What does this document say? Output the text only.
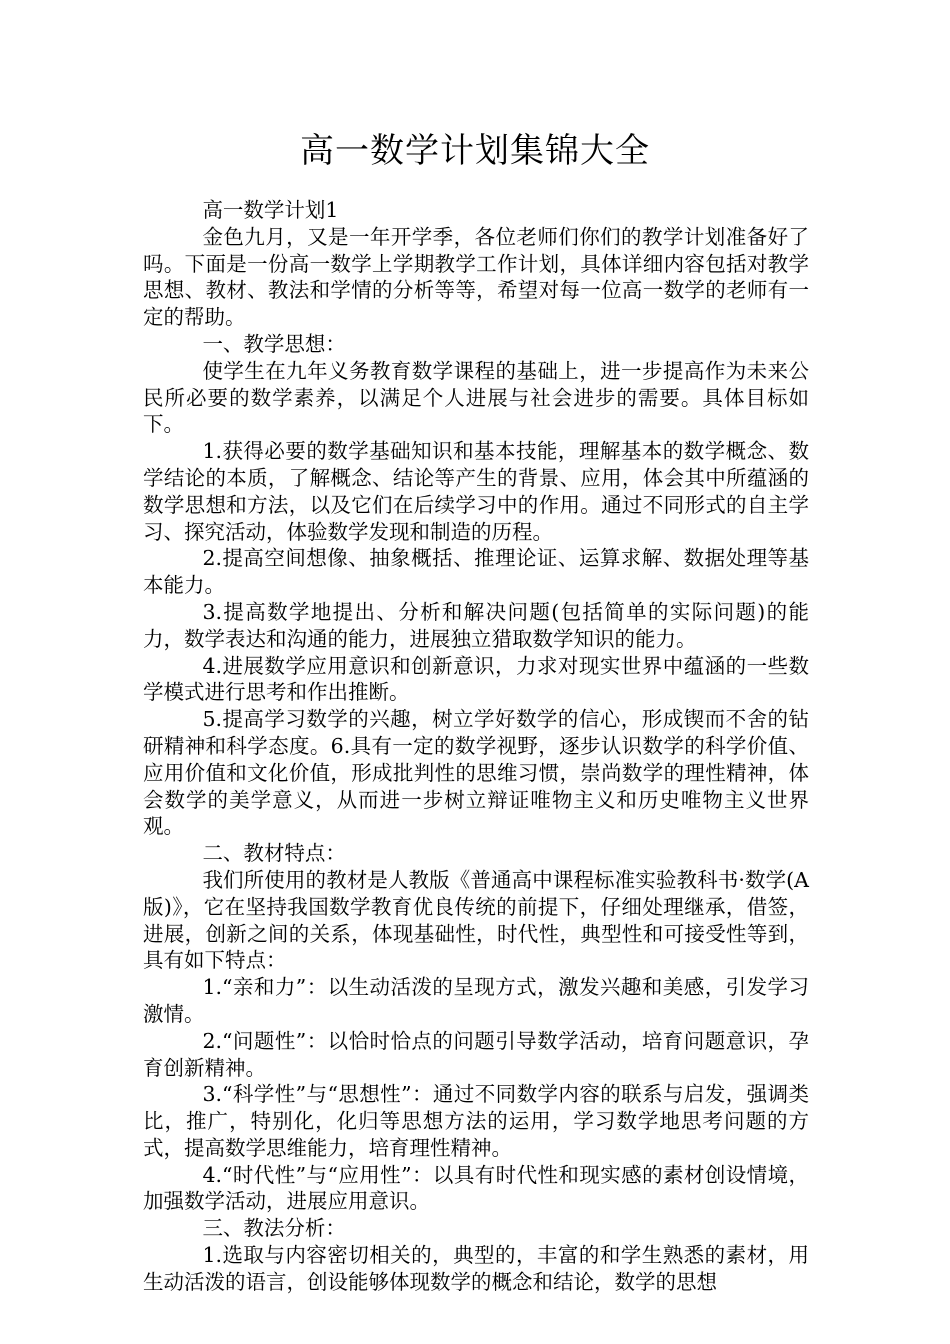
高一数学计划集锦大全

高一数学计划1

金色九月，又是一年开学季，各位老师们你们的教学计划准备好了吗。下面是一份高一数学上学期教学工作计划，具体详细内容包括对教学思想、教材、教法和学情的分析等等，希望对每一位高一数学的老师有一定的帮助。

一、教学思想：

使学生在九年义务教育数学课程的基础上，进一步提高作为未来公民所必要的数学素养，以满足个人进展与社会进步的需要。具体目标如下。

1.获得必要的数学基础知识和基本技能，理解基本的数学概念、数学结论的本质，了解概念、结论等产生的背景、应用，体会其中所蕴涵的数学思想和方法，以及它们在后续学习中的作用。通过不同形式的自主学习、探究活动，体验数学发现和制造的历程。

2.提高空间想像、抽象概括、推理论证、运算求解、数据处理等基本能力。

3.提高数学地提出、分析和解决问题(包括简单的实际问题)的能力，数学表达和沟通的能力，进展独立猎取数学知识的能力。

4.进展数学应用意识和创新意识，力求对现实世界中蕴涵的一些数学模式进行思考和作出推断。

5.提高学习数学的兴趣，树立学好数学的信心，形成锲而不舍的钻研精神和科学态度。6.具有一定的数学视野，逐步认识数学的科学价值、应用价值和文化价值，形成批判性的思维习惯，崇尚数学的理性精神，体会数学的美学意义，从而进一步树立辩证唯物主义和历史唯物主义世界观。

二、教材特点：

我们所使用的教材是人教版《普通高中课程标准实验教科书·数学(A版)》，它在坚持我国数学教育优良传统的前提下，仔细处理继承，借签，进展，创新之间的关系，体现基础性，时代性，典型性和可接受性等到，具有如下特点：

1.“亲和力”：以生动活泼的呈现方式，激发兴趣和美感，引发学习激情。

2.“问题性”：以恰时恰点的问题引导数学活动，培育问题意识，孕育创新精神。

3.“科学性”与“思想性”：通过不同数学内容的联系与启发，强调类比，推广，特别化，化归等思想方法的运用，学习数学地思考问题的方式，提高数学思维能力，培育理性精神。

4.“时代性”与“应用性”：以具有时代性和现实感的素材创设情境，加强数学活动，进展应用意识。

三、教法分析：

1.选取与内容密切相关的，典型的，丰富的和学生熟悉的素材，用生动活泼的语言，创设能够体现数学的概念和结论，数学的思想
